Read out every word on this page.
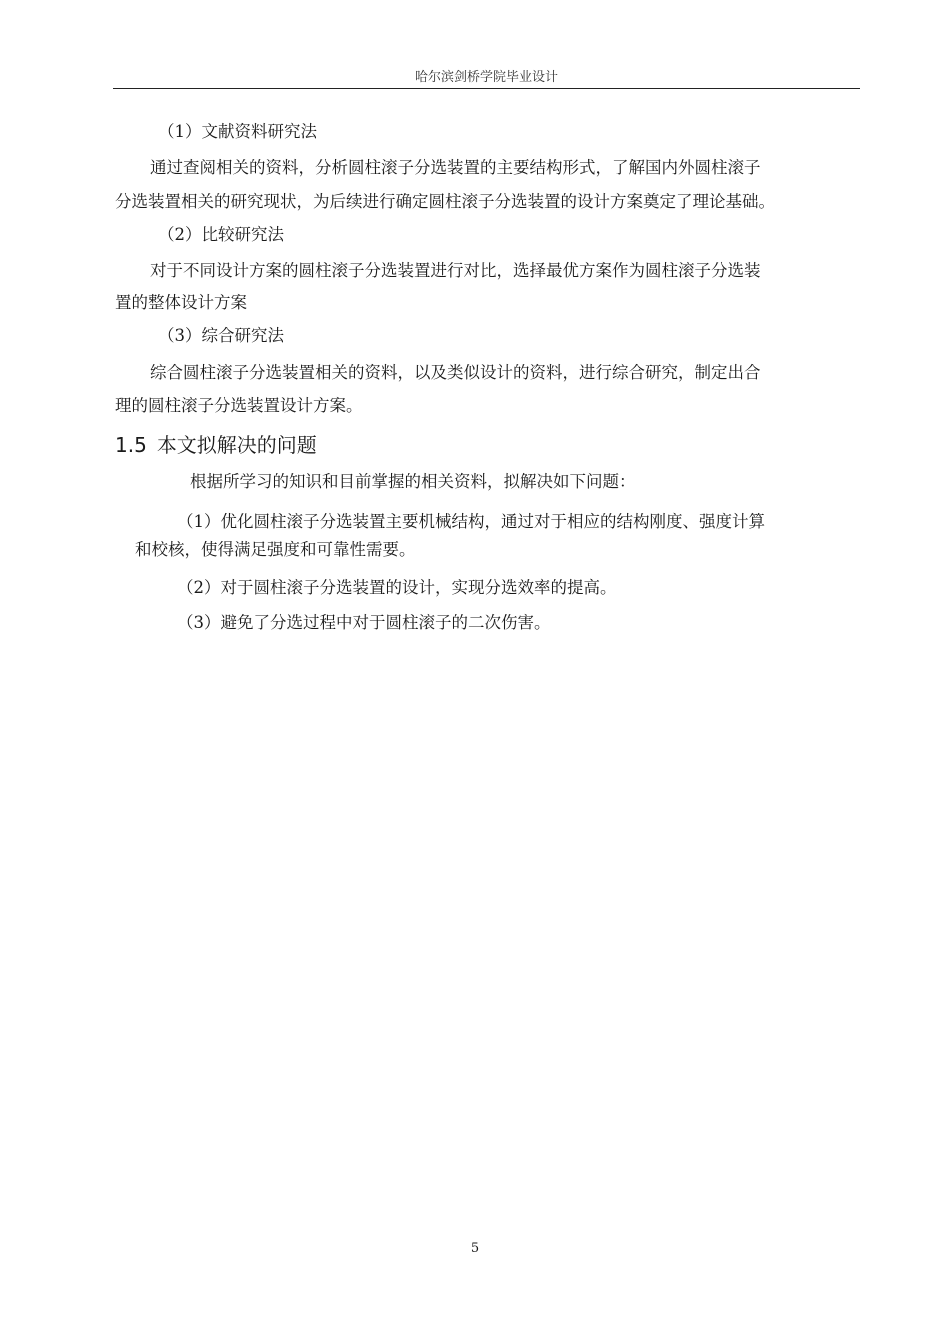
哈尔滨剑桥学院毕业设计
（1）文献资料研究法
通过查阅相关的资料，分析圆柱滚子分选装置的主要结构形式，了解国内外圆柱滚子
分选装置相关的研究现状，为后续进行确定圆柱滚子分选装置的设计方案奠定了理论基础。
（2）比较研究法
对于不同设计方案的圆柱滚子分选装置进行对比，选择最优方案作为圆柱滚子分选装
置的整体设计方案
（3）综合研究法
综合圆柱滚子分选装置相关的资料，以及类似设计的资料，进行综合研究，制定出合
理的圆柱滚子分选装置设计方案。
1.5 本文拟解决的问题
根据所学习的知识和目前掌握的相关资料，拟解决如下问题：
（1）优化圆柱滚子分选装置主要机械结构，通过对于相应的结构刚度、强度计算
和校核，使得满足强度和可靠性需要。
（2）对于圆柱滚子分选装置的设计，实现分选效率的提高。
（3）避免了分选过程中对于圆柱滚子的二次伤害。
5
